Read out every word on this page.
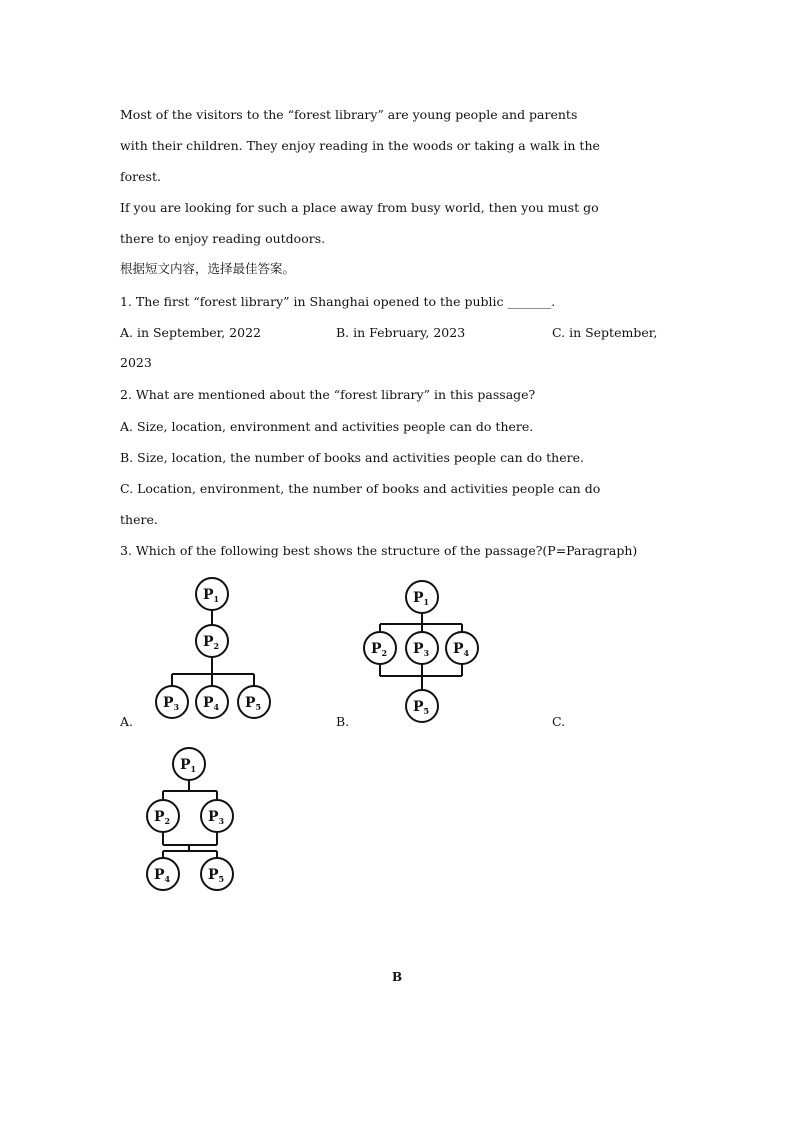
Most of the visitors to the “forest library” are young people and parents
with their children. They enjoy reading in the woods or taking a walk in the
forest.
If you are looking for such a place away from busy world, then you must go
there to enjoy reading outdoors.
根据短文内容，选择最佳答案。
1. The first “forest library” in Shanghai opened to the public _______.
A. in September, 2022	B. in February, 2023	C. in September,
2023
2. What are mentioned about the “forest library” in this passage?
A. Size, location, environment and activities people can do there.
B. Size, location, the number of books and activities people can do there.
C. Location, environment, the number of books and activities people can do
there.
3. Which of the following best shows the structure of the passage?(P=Paragraph)
A.	B.	C.
$P_1$
$P_2$
$P_3$ $P_4$ $P_5$
$P_1$
$P_2$ $P_3$ $P_4$
$P_5$
$P_1$
$P_2$	$P_3$
$P_4$	$P_5$
B
